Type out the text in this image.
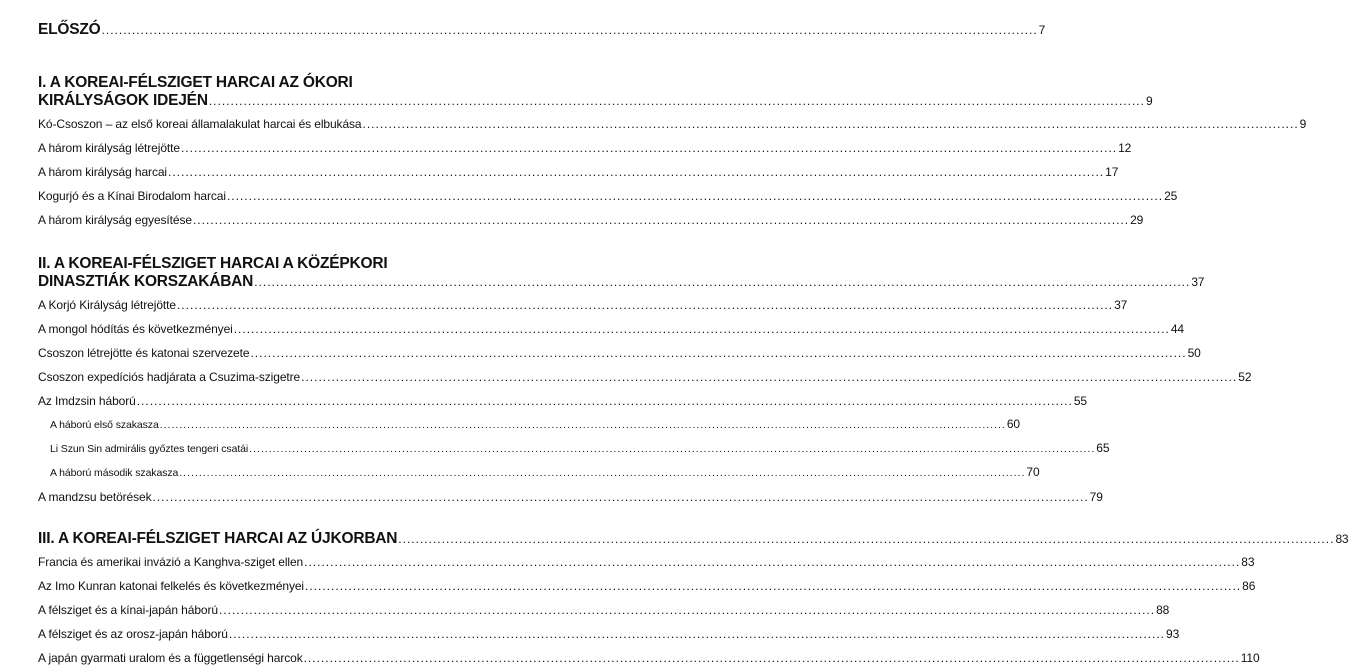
ELŐSZÓ .....	7
I. A KOREAI-FÉLSZIGET HARCAI AZ ÓKORI
KIRÁLYSÁGOK IDEJÉN .....	9
Kó-Csoszon – az első koreai államalakulat harcai és elbukása .....	9
A három királyság létrejötte .....	12
A három királyság harcai .....	17
Kogurjó és a Kínai Birodalom harcai .....	25
A három királyság egyesítése .....	29
II. A KOREAI-FÉLSZIGET HARCAI A KÖZÉPKORI
DINASZTIÁK KORSZAKÁBAN .....	37
A Korjó Királyság létrejötte .....	37
A mongol hódítás és következményei .....	44
Csoszon létrejötte és katonai szervezete .....	50
Csoszon expedíciós hadjárata a Csuzima-szigetre .....	52
Az Imdzsin háború .....	55
A háború első szakasza .....	60
Li Szun Sin admirális győztes tengeri csatái .....	65
A háború második szakasza .....	70
A mandzsu betörések .....	79
III. A KOREAI-FÉLSZIGET HARCAI AZ ÚJKORBAN .....	83
Francia és amerikai invázió a Kanghva-sziget ellen .....	83
Az Imo Kunran katonai felkelés és következményei .....	86
A félsziget és a kínai-japán háború .....	88
A félsziget és az orosz-japán háború .....	93
A japán gyarmati uralom és a függetlenségi harcok .....	110
